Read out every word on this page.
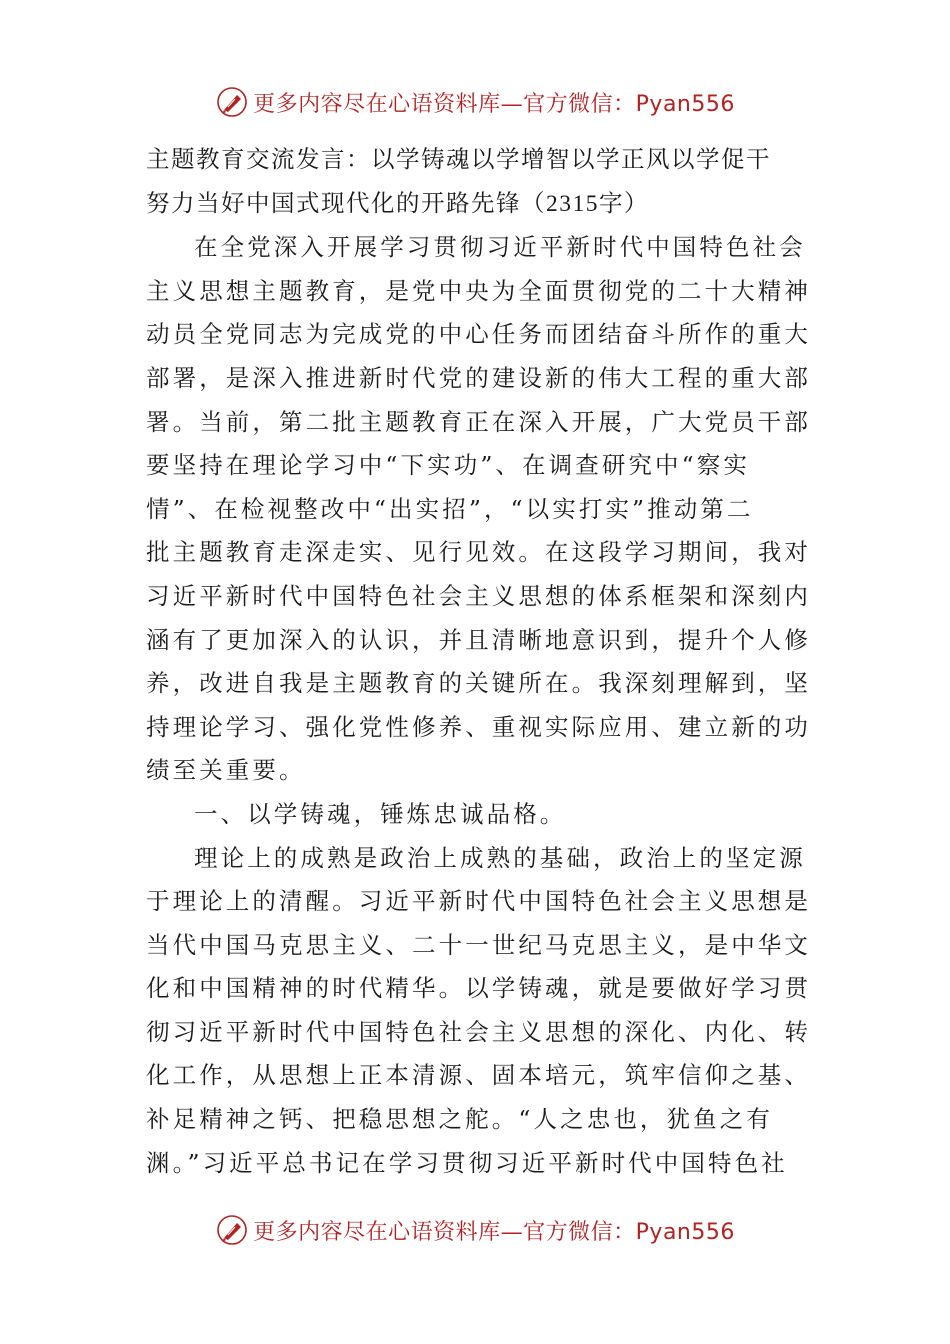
更多内容尽在心语资料库—官方微信：Pyan556

主题教育交流发言：以学铸魂以学增智以学正风以学促干

努力当好中国式现代化的开路先锋（2315字）

在全党深入开展学习贯彻习近平新时代中国特色社会
主义思想主题教育，是党中央为全面贯彻党的二十大精神
动员全党同志为完成党的中心任务而团结奋斗所作的重大
部署，是深入推进新时代党的建设新的伟大工程的重大部
署。当前，第二批主题教育正在深入开展，广大党员干部
要坚持在理论学习中“下实功”、在调查研究中“察实
情”、在检视整改中“出实招”，“以实打实”推动第二
批主题教育走深走实、见行见效。在这段学习期间，我对
习近平新时代中国特色社会主义思想的体系框架和深刻内
涵有了更加深入的认识，并且清晰地意识到，提升个人修
养，改进自我是主题教育的关键所在。我深刻理解到，坚
持理论学习、强化党性修养、重视实际应用、建立新的功
绩至关重要。

一、以学铸魂，锤炼忠诚品格。

理论上的成熟是政治上成熟的基础，政治上的坚定源
于理论上的清醒。习近平新时代中国特色社会主义思想是
当代中国马克思主义、二十一世纪马克思主义，是中华文
化和中国精神的时代精华。以学铸魂，就是要做好学习贯
彻习近平新时代中国特色社会主义思想的深化、内化、转
化工作，从思想上正本清源、固本培元，筑牢信仰之基、
补足精神之钙、把稳思想之舵。“人之忠也，犹鱼之有
渊。”习近平总书记在学习贯彻习近平新时代中国特色社

更多内容尽在心语资料库—官方微信：Pyan556
